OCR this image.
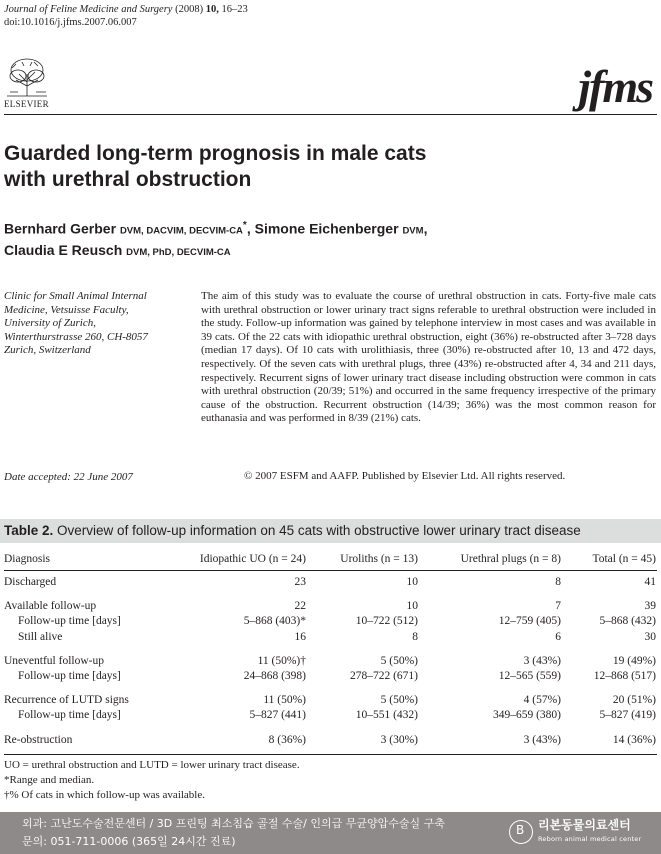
Journal of Feline Medicine and Surgery (2008) 10, 16–23
doi:10.1016/j.jfms.2007.06.007
ELSEVIER	jfms
Guarded long-term prognosis in male cats
with urethral obstruction
Bernhard Gerber DVM, DACVIM, DECVIM-CA*, Simone Eichenberger DVM,
Claudia E Reusch DVM, PhD, DECVIM-CA
Clinic for Small Animal Internal
Medicine, Vetsuisse Faculty,
University of Zurich,
Winterthurstrasse 260, CH-8057
Zurich, Switzerland
Date accepted: 22 June 2007
The aim of this study was to evaluate the course of urethral obstruction in cats. Forty-five male cats with urethral obstruction or lower urinary tract signs referable to urethral obstruction were included in the study. Follow-up information was gained by telephone interview in most cases and was available in 39 cats. Of the 22 cats with idiopathic urethral obstruction, eight (36%) re-obstructed after 3–728 days (median 17 days). Of 10 cats with urolithiasis, three (30%) re-obstructed after 10, 13 and 472 days, respectively. Of the seven cats with urethral plugs, three (43%) re-obstructed after 4, 34 and 211 days, respectively. Recurrent signs of lower urinary tract disease including obstruction were common in cats with urethral obstruction (20/39; 51%) and occurred in the same frequency irrespective of the primary cause of the obstruction. Recurrent obstruction (14/39; 36%) was the most common reason for euthanasia and was performed in 8/39 (21%) cats.
© 2007 ESFM and AAFP. Published by Elsevier Ltd. All rights reserved.
Table 2. Overview of follow-up information on 45 cats with obstructive lower urinary tract disease
Diagnosis	Idiopathic UO (n = 24)	Uroliths (n = 13)	Urethral plugs (n = 8)	Total (n = 45)
Discharged	23	10	8	41
Available follow-up	22	10	7	39
Follow-up time [days]	5–868 (403)*	10–722 (512)	12–759 (405)	5–868 (432)
Still alive	16	8	6	30
Uneventful follow-up	11 (50%)†	5 (50%)	3 (43%)	19 (49%)
Follow-up time [days]	24–868 (398)	278–722 (671)	12–565 (559)	12–868 (517)
Recurrence of LUTD signs	11 (50%)	5 (50%)	4 (57%)	20 (51%)
Follow-up time [days]	5–827 (441)	10–551 (432)	349–659 (380)	5–827 (419)
Re-obstruction	8 (36%)	3 (30%)	3 (43%)	14 (36%)
UO = urethral obstruction and LUTD = lower urinary tract disease.
*Range and median.
†% Of cats in which follow-up was available.
외과: 고난도수술전문센터 / 3D 프린팅 최소침습 골절 수술/ 인의급 무균양압수술실 구축
문의: 051-711-0006 (365일 24시간 진료)
B
리본동물의료센터
Reborn animal medical center
